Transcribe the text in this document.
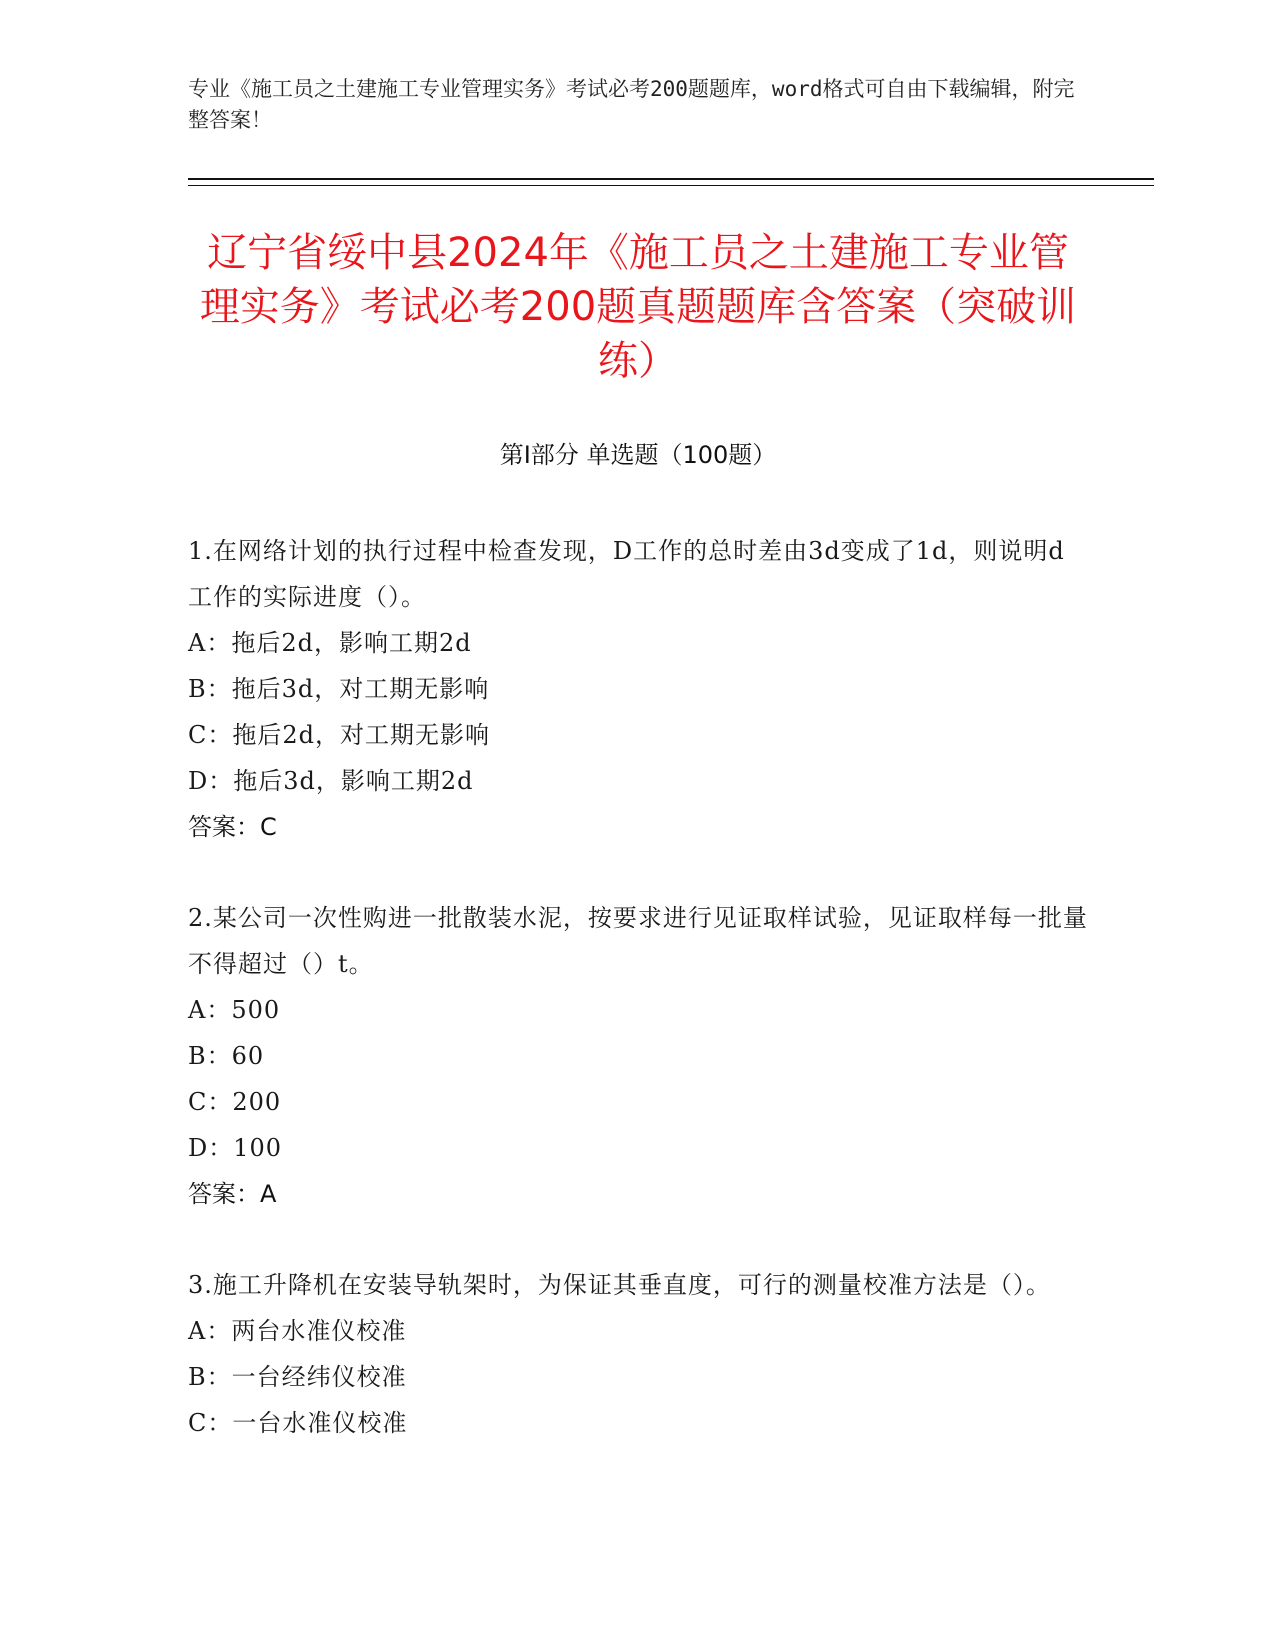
专业《施工员之土建施工专业管理实务》考试必考200题题库，word格式可自由下载编辑，附完整答案！
辽宁省绥中县2024年《施工员之土建施工专业管理实务》考试必考200题真题题库含答案（突破训练）
第I部分 单选题（100题）

1.在网络计划的执行过程中检查发现，D工作的总时差由3d变成了1d，则说明d工作的实际进度（）。

A：拖后2d，影响工期2d

B：拖后3d，对工期无影响

C：拖后2d，对工期无影响

D：拖后3d，影响工期2d

答案：C

2.某公司一次性购进一批散装水泥，按要求进行见证取样试验，见证取样每一批量不得超过（）t。

A：500

B：60

C：200

D：100

答案：A

3.施工升降机在安装导轨架时，为保证其垂直度，可行的测量校准方法是（）。

A：两台水准仪校准

B：一台经纬仪校准

C：一台水准仪校准
